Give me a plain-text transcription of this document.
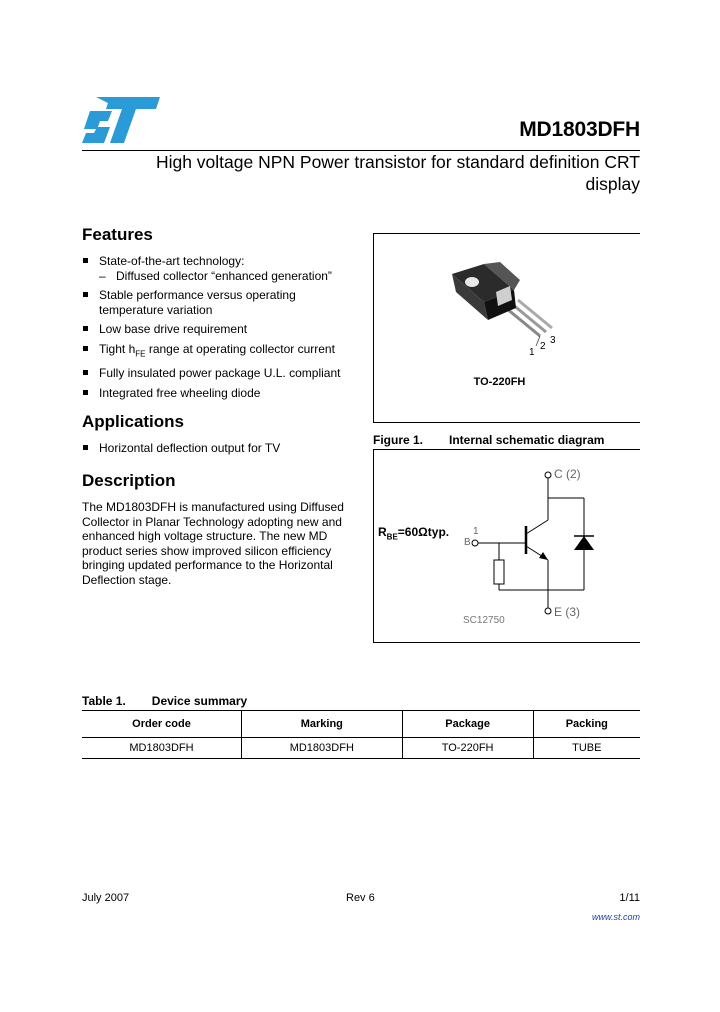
MD1803DFH
High voltage NPN Power transistor for standard definition CRT display
Features
State-of-the-art technology:
– Diffused collector “enhanced generation”
Stable performance versus operating temperature variation
Low base drive requirement
Tight $h_{FE}$ range at operating collector current
Fully insulated power package U.L. compliant
Integrated free wheeling diode
Applications
Horizontal deflection output for TV
Description
The MD1803DFH is manufactured using Diffused Collector in Planar Technology adopting new and enhanced high voltage structure. The new MD product series show improved silicon efficiency bringing updated performance to the Horizontal Deflection stage.
1
2
3
TO-220FH
Figure 1. Internal schematic diagram
$R_{BE}=60\Omega typ$.
C (2)
1
B
E (3)
SC12750
Table 1. Device summary
Order code	Marking	Package	Packing
MD1803DFH	MD1803DFH	TO-220FH	TUBE
July 2007	Rev 6	1/11
www.st.com
